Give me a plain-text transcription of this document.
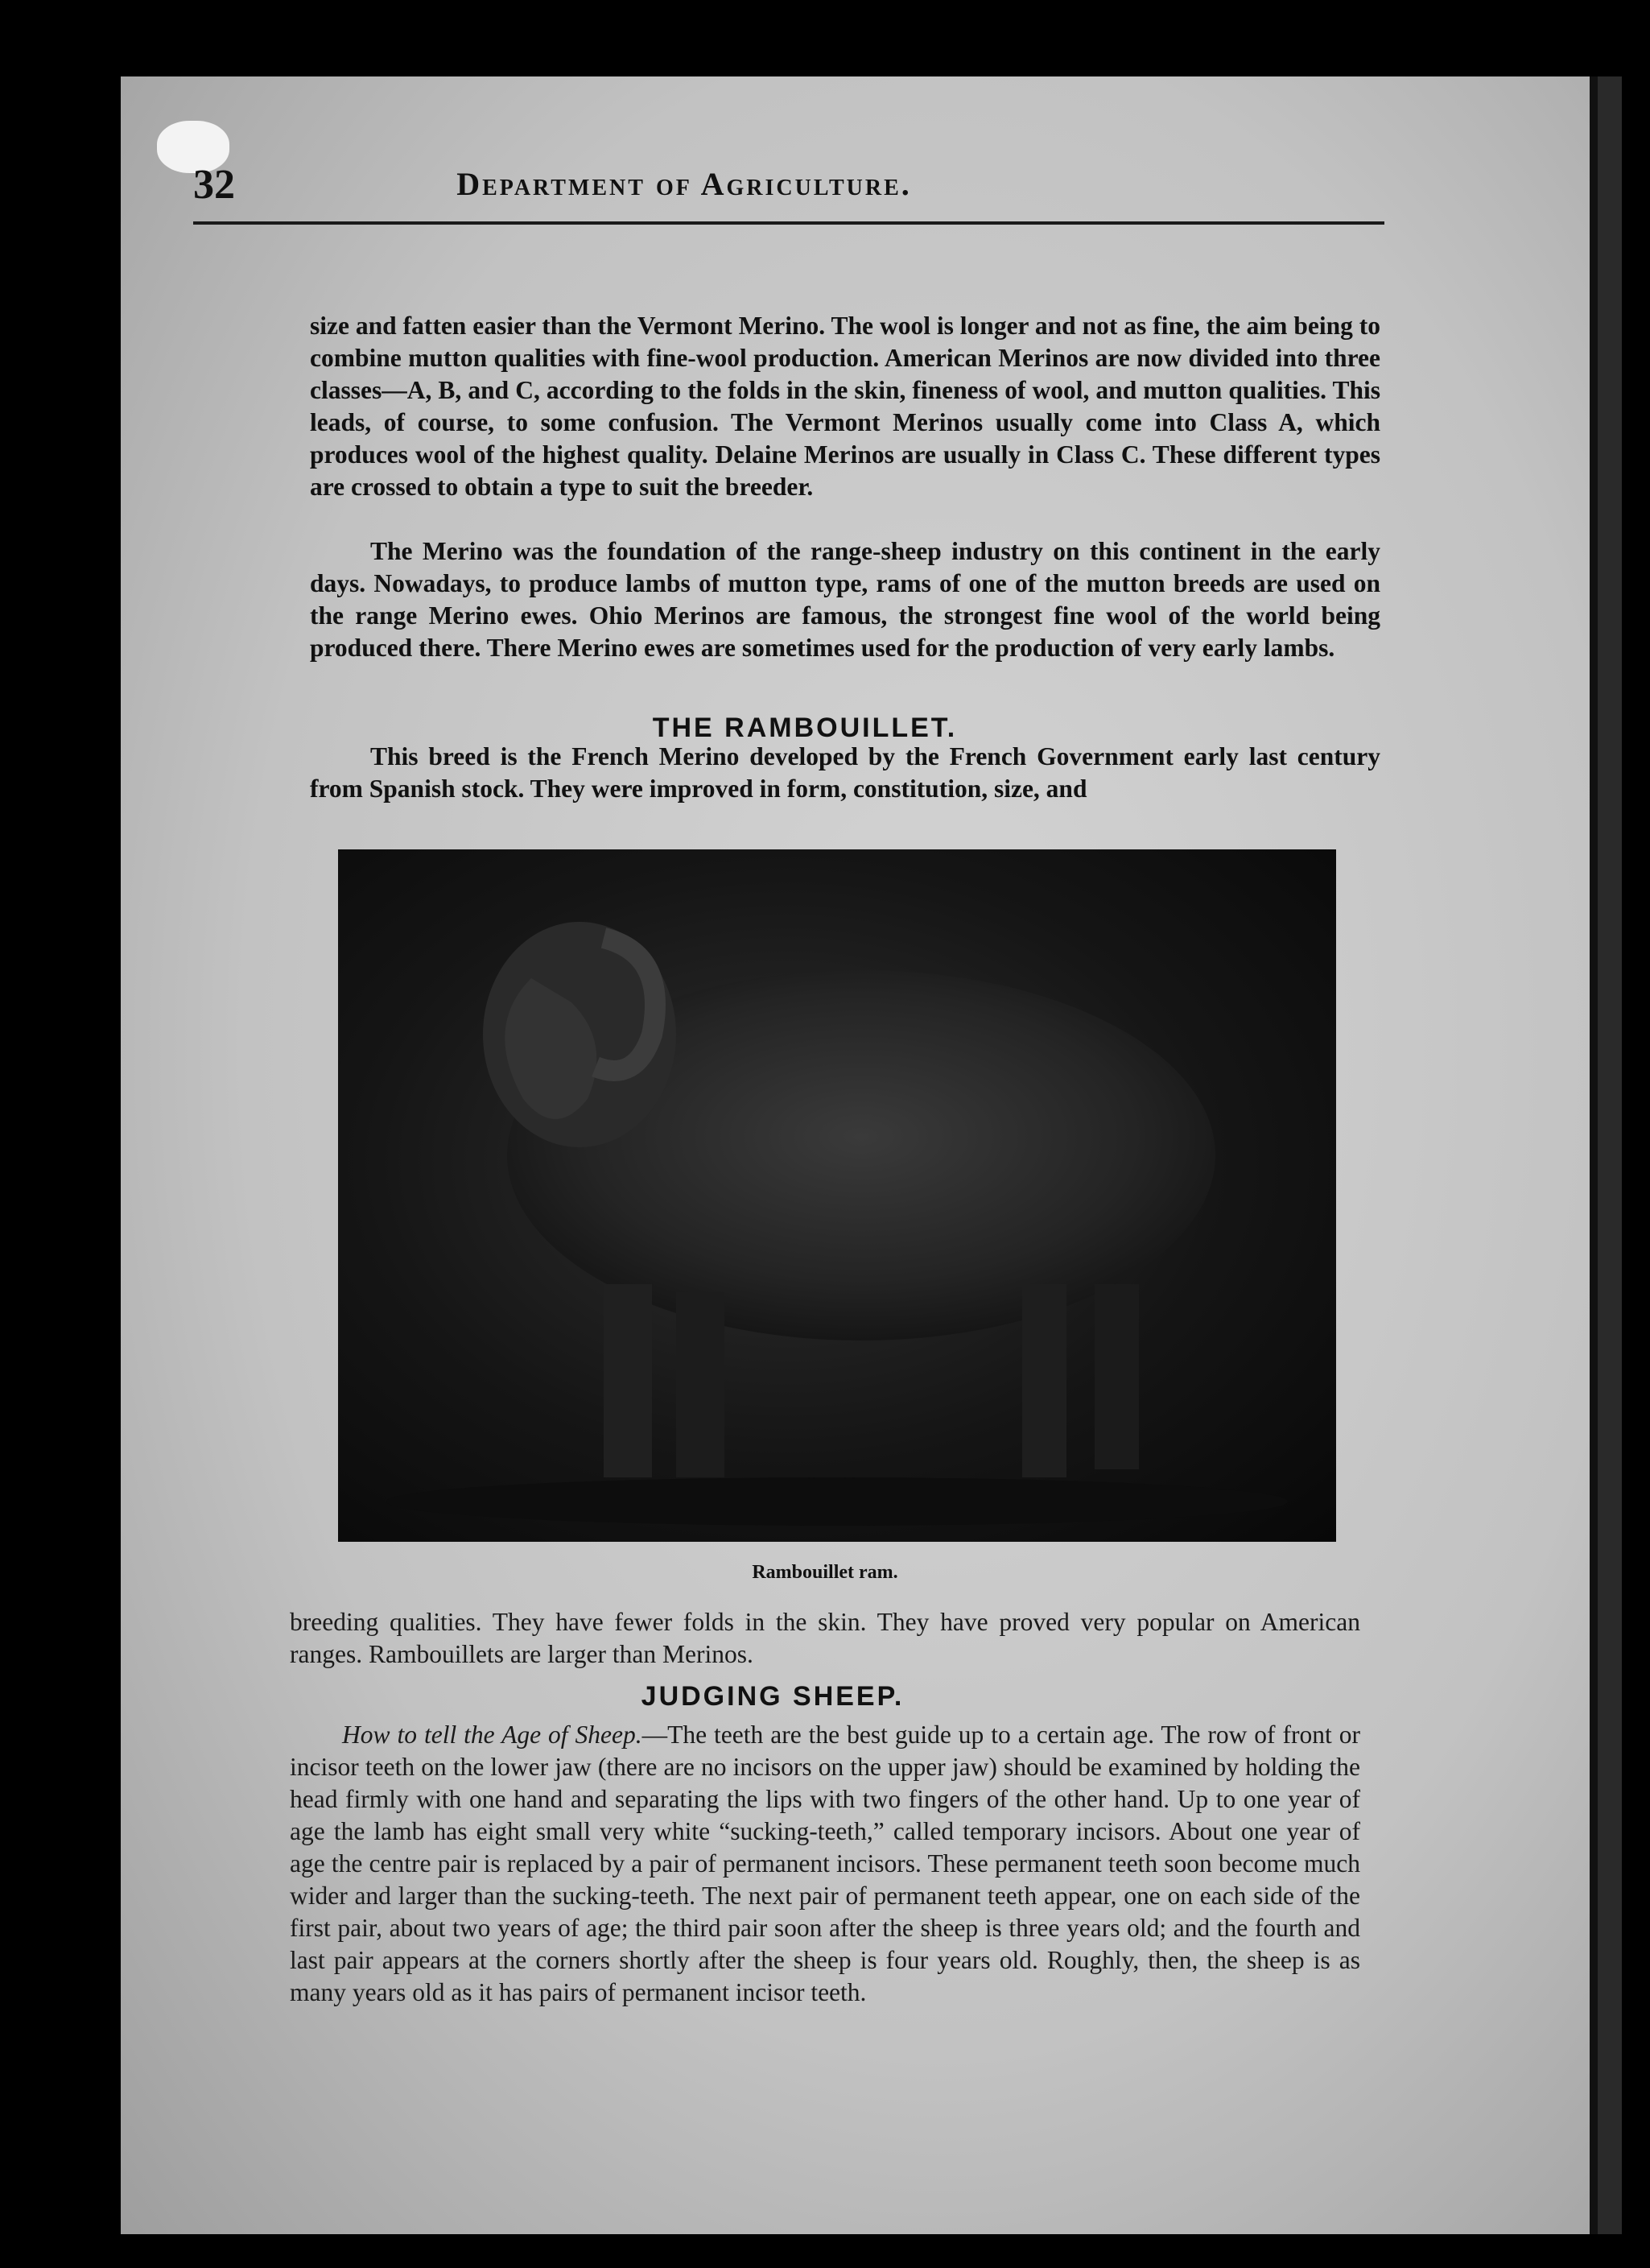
32	Department of Agriculture.
size and fatten easier than the Vermont Merino. The wool is longer and not as fine, the aim being to combine mutton qualities with fine-wool production. American Merinos are now divided into three classes—A, B, and C, according to the folds in the skin, fineness of wool, and mutton qualities. This leads, of course, to some confusion. The Vermont Merinos usually come into Class A, which produces wool of the highest quality. Delaine Merinos are usually in Class C. These different types are crossed to obtain a type to suit the breeder.
The Merino was the foundation of the range-sheep industry on this continent in the early days. Nowadays, to produce lambs of mutton type, rams of one of the mutton breeds are used on the range Merino ewes. Ohio Merinos are famous, the strongest fine wool of the world being produced there. There Merino ewes are sometimes used for the production of very early lambs.
THE RAMBOUILLET.
This breed is the French Merino developed by the French Government early last century from Spanish stock. They were improved in form, constitution, size, and
Rambouillet ram.
breeding qualities. They have fewer folds in the skin. They have proved very popular on American ranges. Rambouillets are larger than Merinos.
JUDGING SHEEP.
How to tell the Age of Sheep.—The teeth are the best guide up to a certain age. The row of front or incisor teeth on the lower jaw (there are no incisors on the upper jaw) should be examined by holding the head firmly with one hand and separating the lips with two fingers of the other hand. Up to one year of age the lamb has eight small very white “sucking-teeth,” called temporary incisors. About one year of age the centre pair is replaced by a pair of permanent incisors. These permanent teeth soon become much wider and larger than the sucking-teeth. The next pair of permanent teeth appear, one on each side of the first pair, about two years of age; the third pair soon after the sheep is three years old; and the fourth and last pair appears at the corners shortly after the sheep is four years old. Roughly, then, the sheep is as many years old as it has pairs of permanent incisor teeth.
